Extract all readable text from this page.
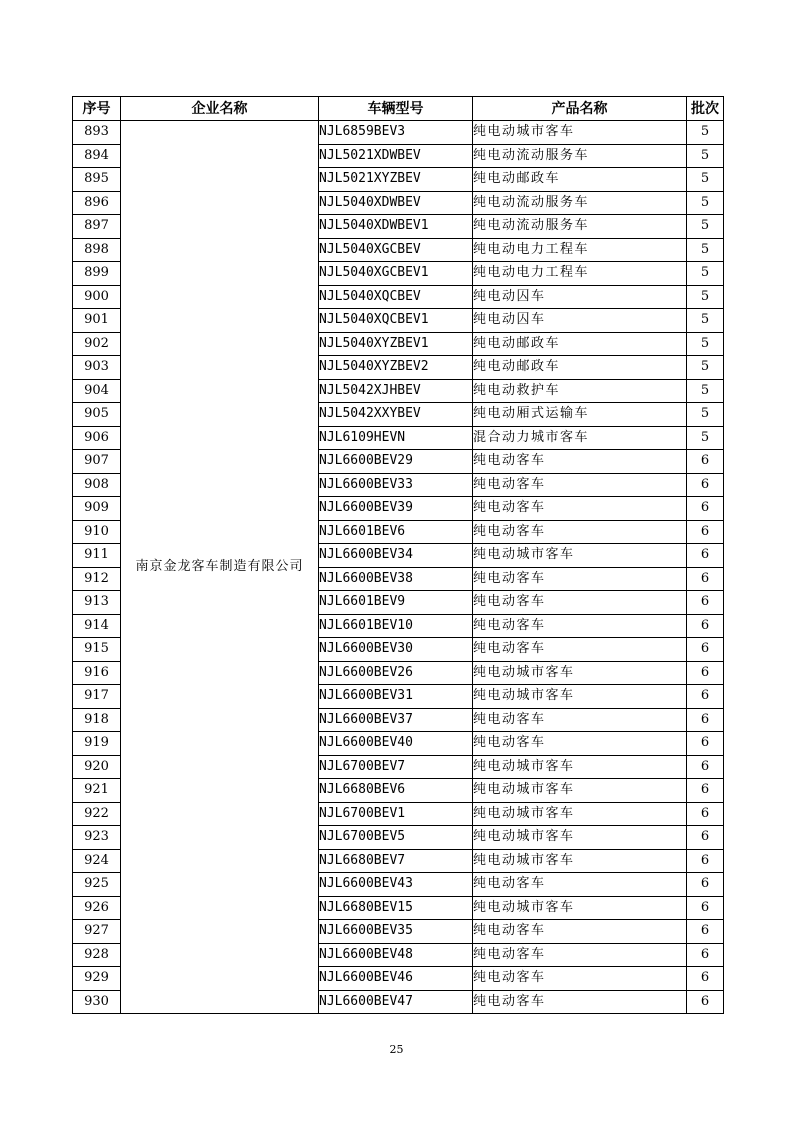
序号	企业名称	车辆型号	产品名称	批次
893	南京金龙客车制造有限公司	NJL6859BEV3	纯电动城市客车	5
894		NJL5021XDWBEV	纯电动流动服务车	5
895		NJL5021XYZBEV	纯电动邮政车	5
896		NJL5040XDWBEV	纯电动流动服务车	5
897		NJL5040XDWBEV1	纯电动流动服务车	5
898		NJL5040XGCBEV	纯电动电力工程车	5
899		NJL5040XGCBEV1	纯电动电力工程车	5
900		NJL5040XQCBEV	纯电动囚车	5
901		NJL5040XQCBEV1	纯电动囚车	5
902		NJL5040XYZBEV1	纯电动邮政车	5
903		NJL5040XYZBEV2	纯电动邮政车	5
904		NJL5042XJHBEV	纯电动救护车	5
905		NJL5042XXYBEV	纯电动厢式运输车	5
906		NJL6109HEVN	混合动力城市客车	5
907		NJL6600BEV29	纯电动客车	6
908		NJL6600BEV33	纯电动客车	6
909		NJL6600BEV39	纯电动客车	6
910		NJL6601BEV6	纯电动客车	6
911		NJL6600BEV34	纯电动城市客车	6
912		NJL6600BEV38	纯电动客车	6
913		NJL6601BEV9	纯电动客车	6
914		NJL6601BEV10	纯电动客车	6
915		NJL6600BEV30	纯电动客车	6
916		NJL6600BEV26	纯电动城市客车	6
917		NJL6600BEV31	纯电动城市客车	6
918		NJL6600BEV37	纯电动客车	6
919		NJL6600BEV40	纯电动客车	6
920		NJL6700BEV7	纯电动城市客车	6
921		NJL6680BEV6	纯电动城市客车	6
922		NJL6700BEV1	纯电动城市客车	6
923		NJL6700BEV5	纯电动城市客车	6
924		NJL6680BEV7	纯电动城市客车	6
925		NJL6600BEV43	纯电动客车	6
926		NJL6680BEV15	纯电动城市客车	6
927		NJL6600BEV35	纯电动客车	6
928		NJL6600BEV48	纯电动客车	6
929		NJL6600BEV46	纯电动客车	6
930		NJL6600BEV47	纯电动客车	6
25
